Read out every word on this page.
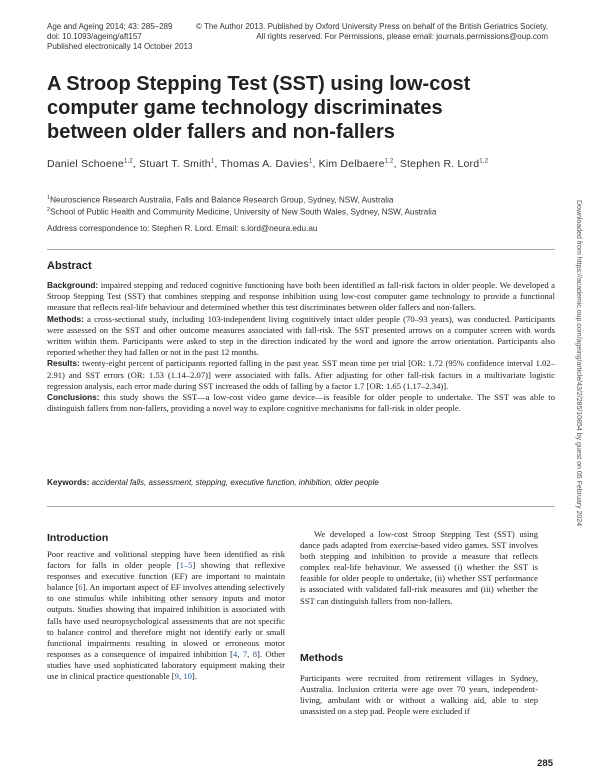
Age and Ageing 2014; 43: 285–289
doi: 10.1093/ageing/aft157
Published electronically 14 October 2013
© The Author 2013. Published by Oxford University Press on behalf of the British Geriatrics Society.
All rights reserved. For Permissions, please email: journals.permissions@oup.com
A Stroop Stepping Test (SST) using low-cost computer game technology discriminates between older fallers and non-fallers
Daniel Schoene$^{1,2}$, Stuart T. Smith$^1$, Thomas A. Davies$^1$, Kim Delbaere$^{1,2}$, Stephen R. Lord$^{1,2}$
$^1$Neuroscience Research Australia, Falls and Balance Research Group, Sydney, NSW, Australia
$^2$School of Public Health and Community Medicine, University of New South Wales, Sydney, NSW, Australia
Address correspondence to: Stephen R. Lord. Email: s.lord@neura.edu.au
Abstract

Background: impaired stepping and reduced cognitive functioning have both been identified as fall-risk factors in older people. We developed a Stroop Stepping Test (SST) that combines stepping and response inhibition using low-cost computer game technology to provide a functional measure that reflects real-life behaviour and determined whether this test discriminates between older fallers and non-fallers.

Methods: a cross-sectional study, including 103-independent living cognitively intact older people (70–93 years), was conducted. Participants were assessed on the SST and other outcome measures associated with fall-risk. The SST presented arrows on a computer screen with words written within them. Participants were asked to step in the direction indicated by the word and ignore the arrow orientation. Participants also reported whether they had fallen or not in the past 12 months.

Results: twenty-eight percent of participants reported falling in the past year. SST mean time per trial [OR: 1.72 (95% confidence interval 1.02–2.91) and SST errors (OR: 1.53 (1.14–2.07)] were associated with falls. After adjusting for other fall-risk factors in a multivariate logistic regression analysis, each error made during SST increased the odds of falling by a factor 1.7 [OR: 1.65 (1.17–2.34)].

Conclusions: this study shows the SST—a low-cost video game device—is feasible for older people to undertake. The SST was able to distinguish fallers from non-fallers, providing a novel way to explore cognitive mechanisms for fall-risk in older people.

Keywords: accidental falls, assessment, stepping, executive function, inhibition, older people
Introduction

Poor reactive and volitional stepping have been identified as risk factors for falls in older people [1–5] showing that reflexive responses and executive function (EF) are important to maintain balance [6]. An important aspect of EF involves attending selectively to one stimulus while inhibiting other sensory inputs and motor outputs. Studies showing that impaired inhibition is associated with falls have used neuropsychological assessments that are not specific to balance control and therefore might not identify early or small functional impairments resulting in slowed or erroneous motor responses as a consequence of impaired inhibition [4, 7, 8]. Other studies have used sophisticated laboratory equipment making their use in clinical practice questionable [9, 10].

We developed a low-cost Stroop Stepping Test (SST) using dance pads adapted from exercise-based video games. SST involves both stepping and inhibition to provide a measure that reflects complex real-life behaviour. We assessed (i) whether the SST is feasible for older people to undertake, (ii) whether SST performance is associated with validated fall-risk measures and (iii) whether the SST can distinguish fallers from non-fallers.

Methods

Participants were recruited from retirement villages in Sydney, Australia. Inclusion criteria were age over 70 years, independent-living, ambulant with or without a walking aid, able to step unassisted on a step pad. People were excluded if

Downloaded from https://academic.oup.com/ageing/article/43/2/285/10854 by guest on 05 February 2024
285
